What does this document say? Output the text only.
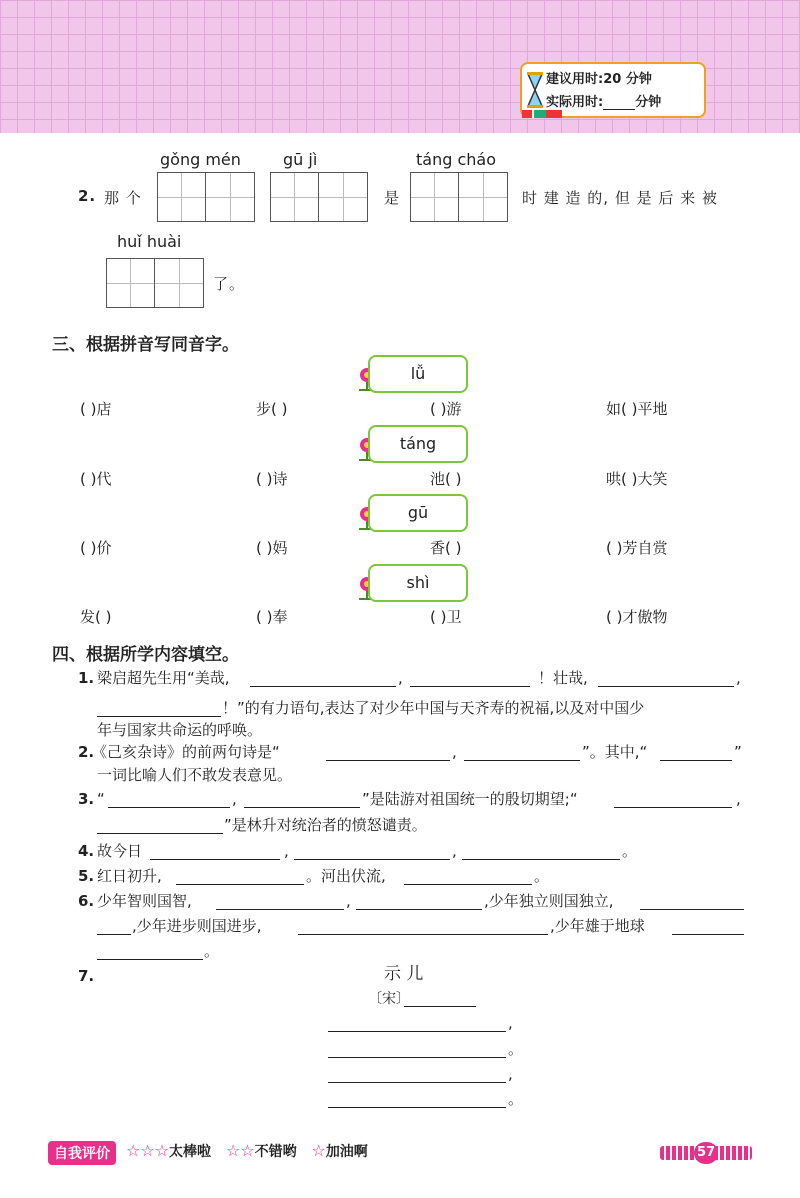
建议用时:20 分钟
实际用时: 分钟
gǒng mén	gū jì	táng cháo
2. 那 个	是	时 建 造 的, 但 是 后 来 被
huǐ huài
了。
三、根据拼音写同音字。
lǚ
( )店	步( )	( )游	如( )平地
táng
( )代	( )诗	池( )	哄( )大笑
gū
( )价	( )妈	香( )	( )芳自赏
shì
发( )	( )奉	( )卫	( )才傲物
四、根据所学内容填空。
1. 梁启超先生用“美哉,	,	！壮哉,	,
！”的有力语句,表达了对少年中国与天齐寿的祝福,以及对中国少
年与国家共命运的呼唤。
2.
《己亥杂诗》的前两句诗是“	,	”。其中,“	”
一词比喻人们不敢发表意见。
3. “	,	”是陆游对祖国统一的殷切期望;“	,
”是林升对统治者的愤怒谴责。
4. 故今日	,	,	。
5. 红日初升,	。河出伏流,	。
6. 少年智则国智,	,	,少年独立则国独立,
,少年进步则国进步,	,少年雄于地球
。
7.	示 儿
〔宋〕
,
。
,
。
自我评价	☆☆☆太棒啦 ☆☆不错哟 ☆加油啊	57
